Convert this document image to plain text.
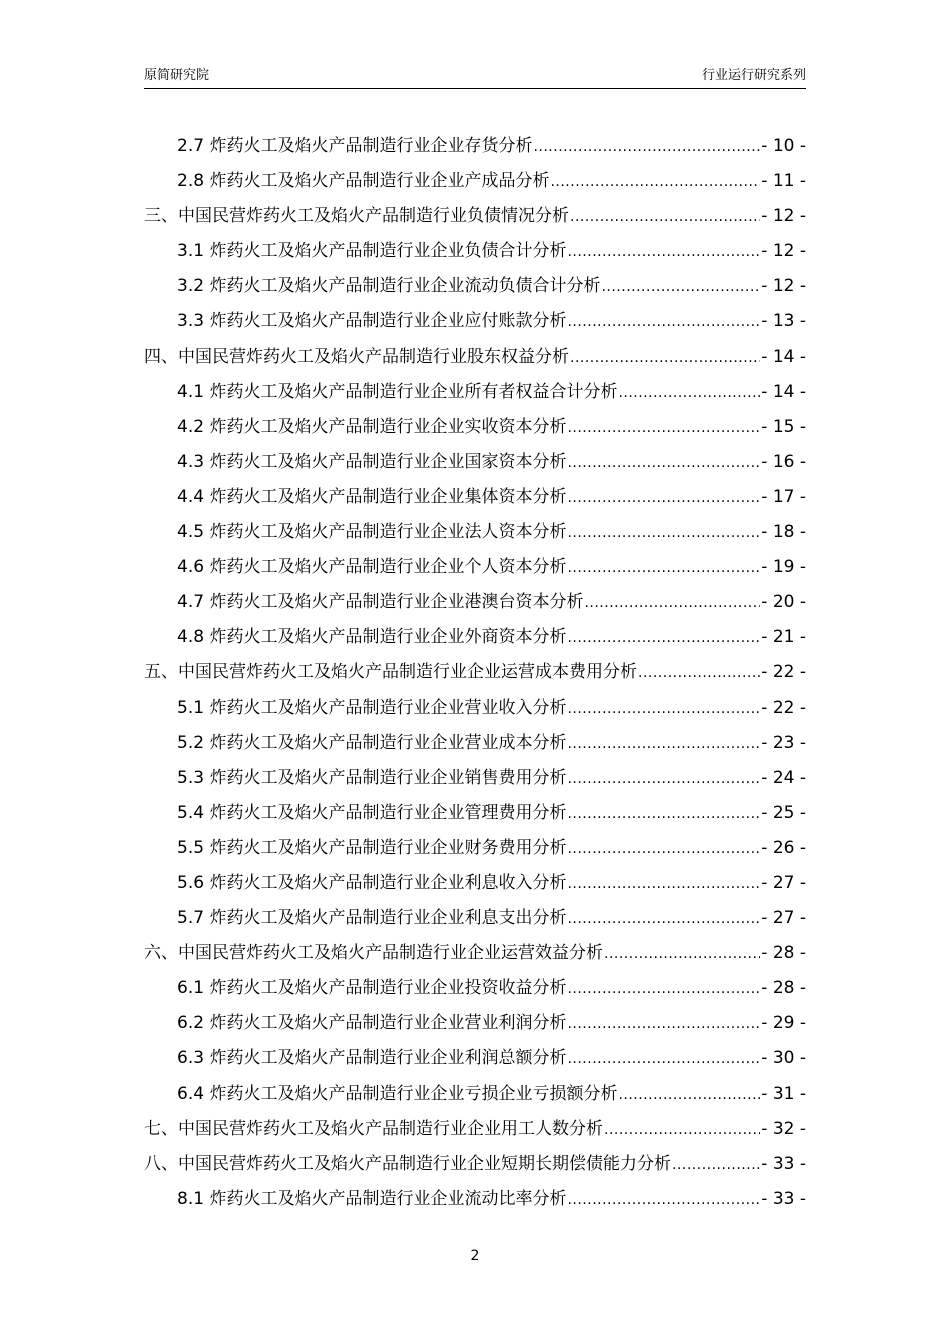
原简研究院	行业运行研究系列
2.7 炸药火工及焰火产品制造行业企业存货分析 .....	- 10 -
2.8 炸药火工及焰火产品制造行业企业产成品分析 .....	- 11 -
三、中国民营炸药火工及焰火产品制造行业负债情况分析 .....	- 12 -
3.1 炸药火工及焰火产品制造行业企业负债合计分析 .....	- 12 -
3.2 炸药火工及焰火产品制造行业企业流动负债合计分析 .....	- 12 -
3.3 炸药火工及焰火产品制造行业企业应付账款分析 .....	- 13 -
四、中国民营炸药火工及焰火产品制造行业股东权益分析 .....	- 14 -
4.1 炸药火工及焰火产品制造行业企业所有者权益合计分析 .....	- 14 -
4.2 炸药火工及焰火产品制造行业企业实收资本分析 .....	- 15 -
4.3 炸药火工及焰火产品制造行业企业国家资本分析 .....	- 16 -
4.4 炸药火工及焰火产品制造行业企业集体资本分析 .....	- 17 -
4.5 炸药火工及焰火产品制造行业企业法人资本分析 .....	- 18 -
4.6 炸药火工及焰火产品制造行业企业个人资本分析 .....	- 19 -
4.7 炸药火工及焰火产品制造行业企业港澳台资本分析 .....	- 20 -
4.8 炸药火工及焰火产品制造行业企业外商资本分析 .....	- 21 -
五、中国民营炸药火工及焰火产品制造行业企业运营成本费用分析 .....	- 22 -
5.1 炸药火工及焰火产品制造行业企业营业收入分析 .....	- 22 -
5.2 炸药火工及焰火产品制造行业企业营业成本分析 .....	- 23 -
5.3 炸药火工及焰火产品制造行业企业销售费用分析 .....	- 24 -
5.4 炸药火工及焰火产品制造行业企业管理费用分析 .....	- 25 -
5.5 炸药火工及焰火产品制造行业企业财务费用分析 .....	- 26 -
5.6 炸药火工及焰火产品制造行业企业利息收入分析 .....	- 27 -
5.7 炸药火工及焰火产品制造行业企业利息支出分析 .....	- 27 -
六、中国民营炸药火工及焰火产品制造行业企业运营效益分析 .....	- 28 -
6.1 炸药火工及焰火产品制造行业企业投资收益分析 .....	- 28 -
6.2 炸药火工及焰火产品制造行业企业营业利润分析 .....	- 29 -
6.3 炸药火工及焰火产品制造行业企业利润总额分析 .....	- 30 -
6.4 炸药火工及焰火产品制造行业企业亏损企业亏损额分析 .....	- 31 -
七、中国民营炸药火工及焰火产品制造行业企业用工人数分析 .....	- 32 -
八、中国民营炸药火工及焰火产品制造行业企业短期长期偿债能力分析 .....	- 33 -
8.1 炸药火工及焰火产品制造行业企业流动比率分析 .....	- 33 -
2
